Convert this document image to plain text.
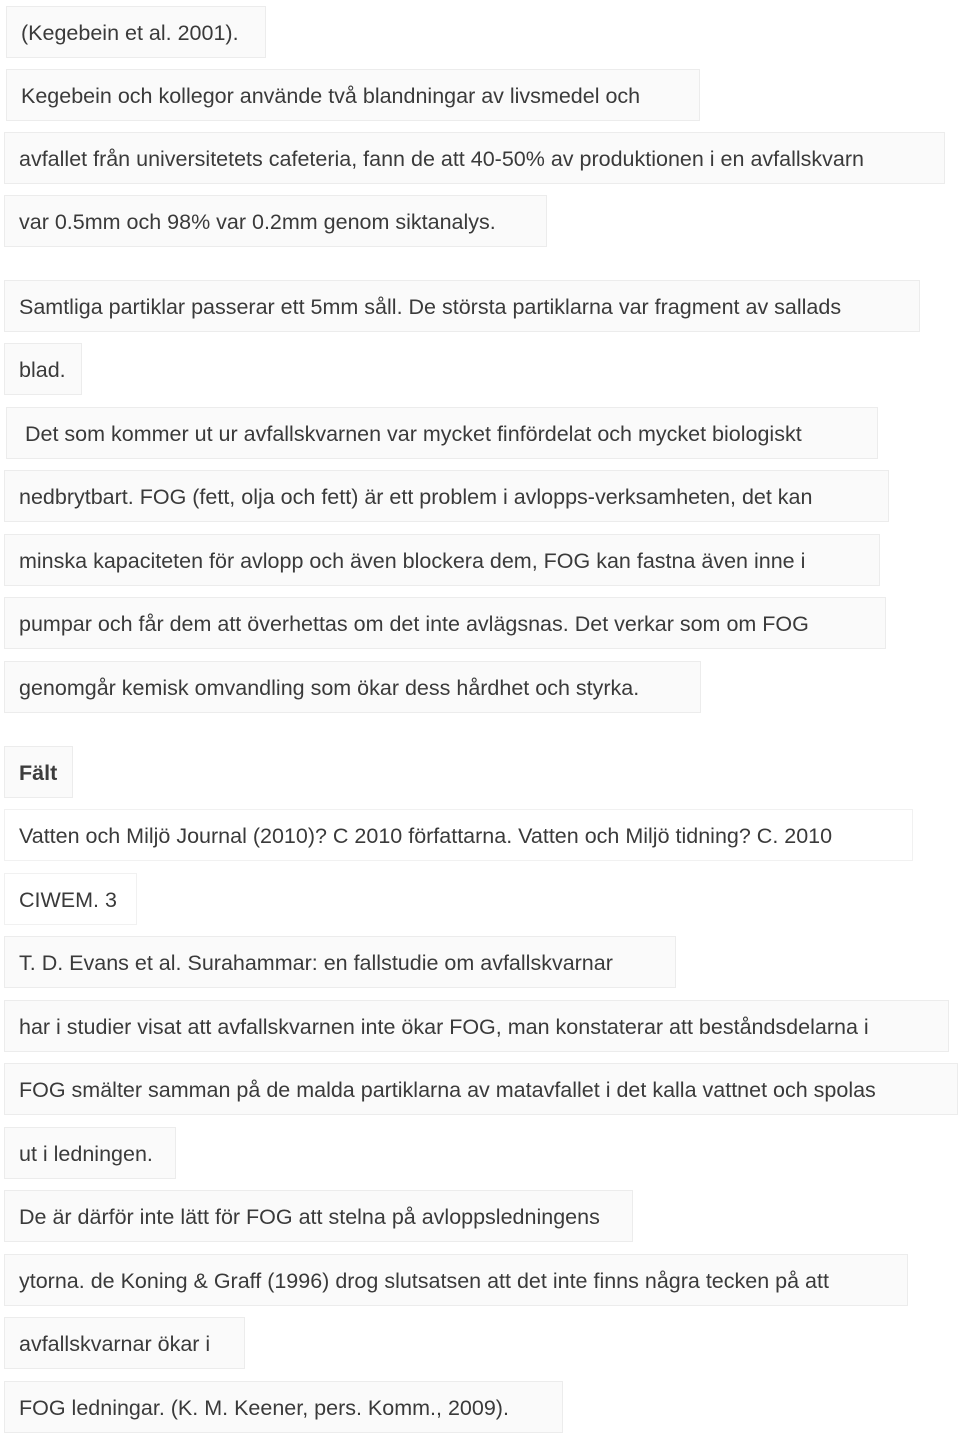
(Kegebein et al. 2001).
Kegebein och kollegor använde två blandningar av livsmedel och
avfallet från universitetets cafeteria, fann de att 40-50% av produktionen i en avfallskvarn
var 0.5mm och 98% var 0.2mm genom siktanalys.
Samtliga partiklar passerar ett 5mm såll. De största partiklarna var fragment av sallads
blad.
Det som kommer ut ur avfallskvarnen var mycket finfördelat och mycket biologiskt
nedbrytbart. FOG (fett, olja och fett) är ett problem i avlopps-verksamheten, det kan
minska kapaciteten för avlopp och även blockera dem, FOG kan fastna även inne i
pumpar och får dem att överhettas om det inte avlägsnas. Det verkar som om FOG
genomgår kemisk omvandling som ökar dess hårdhet och styrka.
Fält
Vatten och Miljö Journal (2010)? C 2010 författarna. Vatten och Miljö tidning? C. 2010
CIWEM. 3
T. D. Evans et al. Surahammar: en fallstudie om avfallskvarnar
har i studier visat att avfallskvarnen inte ökar FOG, man konstaterar att beståndsdelarna i
FOG smälter samman på de malda partiklarna av matavfallet i det kalla vattnet och spolas
ut i ledningen.
De är därför inte lätt för FOG att stelna på avloppsledningens
ytorna. de Koning & Graff (1996) drog slutsatsen att det inte finns några tecken på att
avfallskvarnar ökar i
FOG ledningar. (K. M. Keener, pers. Komm., 2009).
